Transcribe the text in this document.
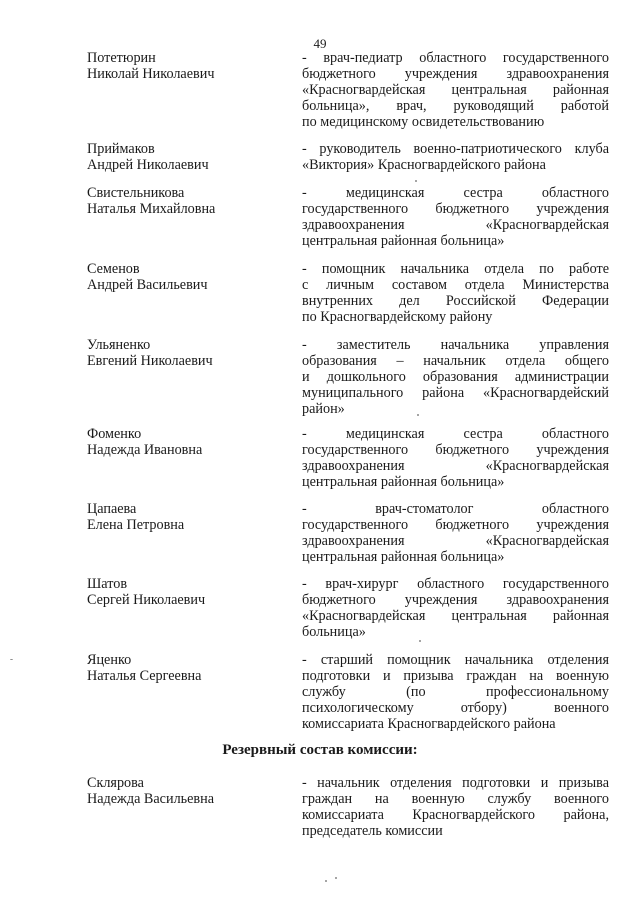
49
Потетюрин
Николай Николаевич
- врач-педиатр областного государственного
бюджетного учреждения здравоохранения
«Красногвардейская центральная районная
больница», врач, руководящий работой
по медицинскому освидетельствованию
Приймаков
Андрей Николаевич
- руководитель военно-патриотического клуба
«Виктория» Красногвардейского района
Свистельникова
Наталья Михайловна
- медицинская сестра областного
государственного бюджетного учреждения
здравоохранения «Красногвардейская
центральная районная больница»
Семенов
Андрей Васильевич
- помощник начальника отдела по работе
с личным составом отдела Министерства
внутренних дел Российской Федерации
по Красногвардейскому району
Ульяненко
Евгений Николаевич
- заместитель начальника управления
образования – начальник отдела общего
и дошкольного образования администрации
муниципального района «Красногвардейский
район»
Фоменко
Надежда Ивановна
- медицинская сестра областного
государственного бюджетного учреждения
здравоохранения «Красногвардейская
центральная районная больница»
Цапаева
Елена Петровна
- врач-стоматолог областного
государственного бюджетного учреждения
здравоохранения «Красногвардейская
центральная районная больница»
Шатов
Сергей Николаевич
- врач-хирург областного государственного
бюджетного учреждения здравоохранения
«Красногвардейская центральная районная
больница»
Яценко
Наталья Сергеевна
- старший помощник начальника отделения
подготовки и призыва граждан на военную
службу (по профессиональному
психологическому отбору) военного
комиссариата Красногвардейского района
Резервный состав комиссии:
Склярова
Надежда Васильевна
- начальник отделения подготовки и призыва
граждан на военную службу военного
комиссариата Красногвардейского района,
председатель комиссии
